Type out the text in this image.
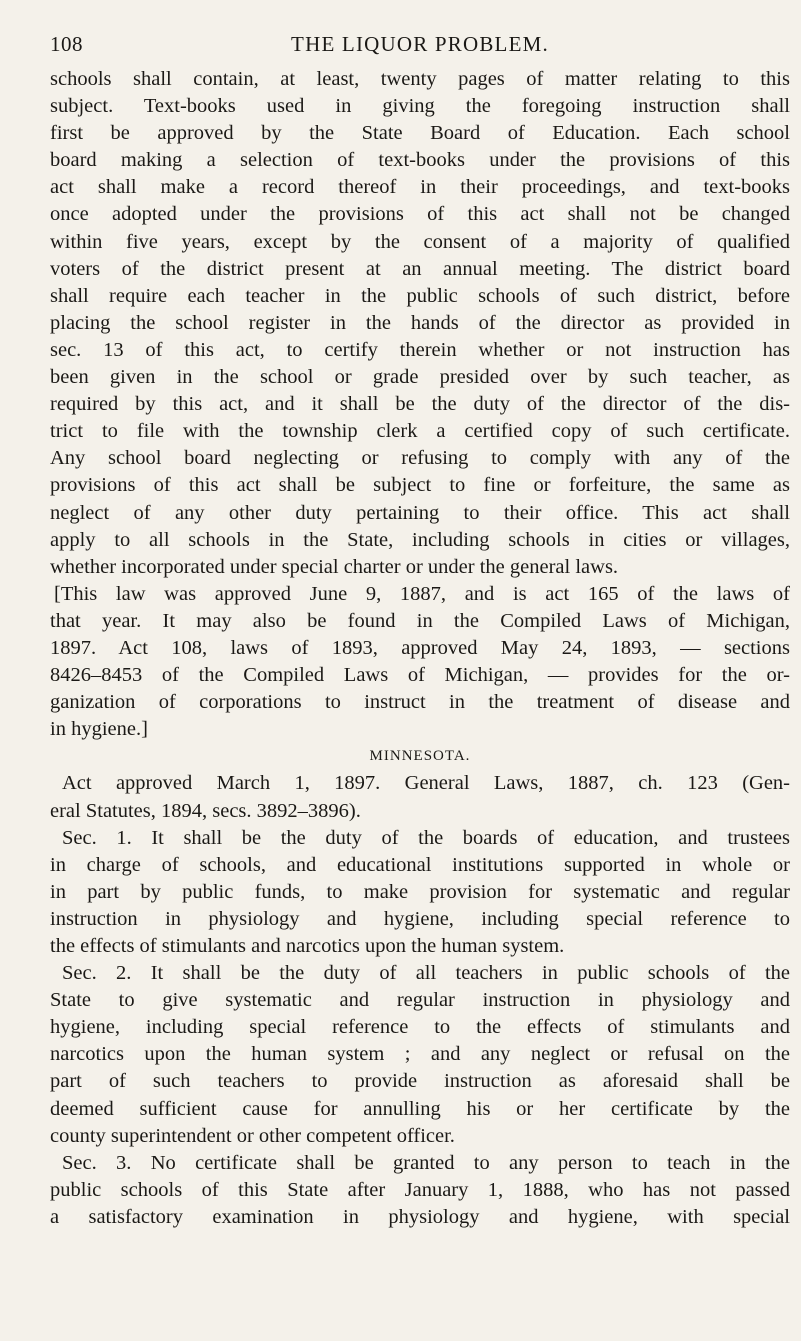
108	THE LIQUOR PROBLEM.
schools shall contain, at least, twenty pages of matter relating to this
subject. Text-books used in giving the foregoing instruction shall
first be approved by the State Board of Education. Each school
board making a selection of text-books under the provisions of this
act shall make a record thereof in their proceedings, and text-books
once adopted under the provisions of this act shall not be changed
within five years, except by the consent of a majority of qualified
voters of the district present at an annual meeting. The district board
shall require each teacher in the public schools of such district, before
placing the school register in the hands of the director as provided in
sec. 13 of this act, to certify therein whether or not instruction has
been given in the school or grade presided over by such teacher, as
required by this act, and it shall be the duty of the director of the dis-
trict to file with the township clerk a certified copy of such certificate.
Any school board neglecting or refusing to comply with any of the
provisions of this act shall be subject to fine or forfeiture, the same as
neglect of any other duty pertaining to their office. This act shall
apply to all schools in the State, including schools in cities or villages,
whether incorporated under special charter or under the general laws.
[This law was approved June 9, 1887, and is act 165 of the laws of
that year. It may also be found in the Compiled Laws of Michigan,
1897. Act 108, laws of 1893, approved May 24, 1893, — sections
8426–8453 of the Compiled Laws of Michigan, — provides for the or-
ganization of corporations to instruct in the treatment of disease and
in hygiene.]
MINNESOTA.
Act approved March 1, 1897. General Laws, 1887, ch. 123 (Gen-
eral Statutes, 1894, secs. 3892–3896).
Sec. 1. It shall be the duty of the boards of education, and trustees
in charge of schools, and educational institutions supported in whole or
in part by public funds, to make provision for systematic and regular
instruction in physiology and hygiene, including special reference to
the effects of stimulants and narcotics upon the human system.
Sec. 2. It shall be the duty of all teachers in public schools of the
State to give systematic and regular instruction in physiology and
hygiene, including special reference to the effects of stimulants and
narcotics upon the human system ; and any neglect or refusal on the
part of such teachers to provide instruction as aforesaid shall be
deemed sufficient cause for annulling his or her certificate by the
county superintendent or other competent officer.
Sec. 3. No certificate shall be granted to any person to teach in the
public schools of this State after January 1, 1888, who has not passed
a satisfactory examination in physiology and hygiene, with special
